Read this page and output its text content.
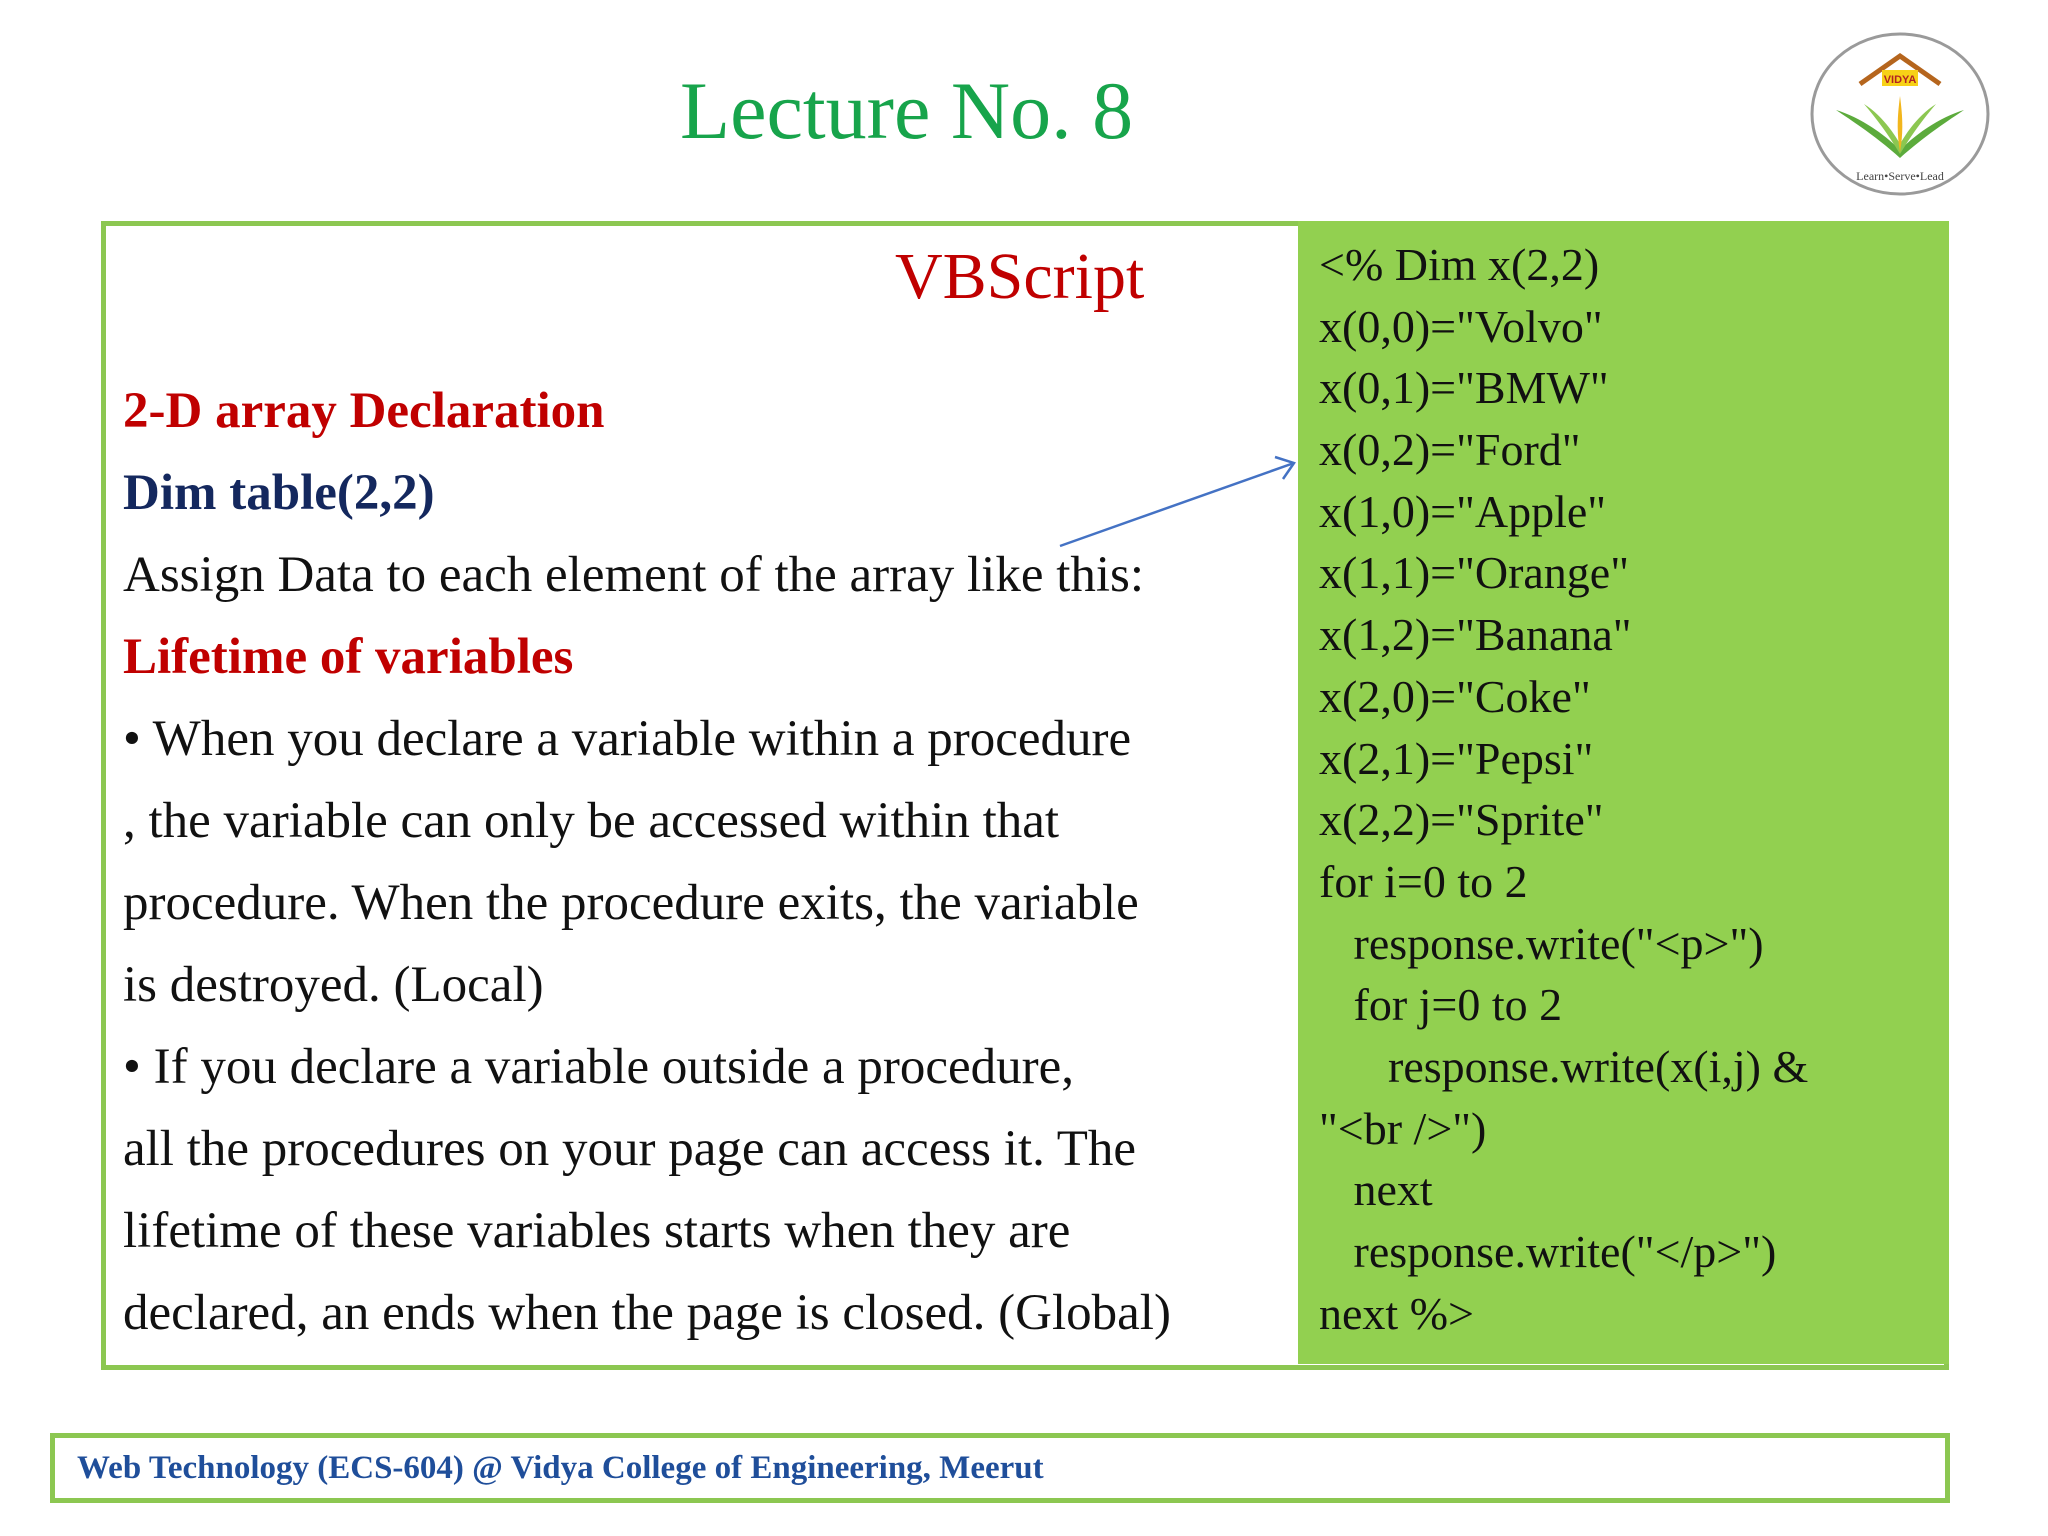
Lecture No. 8	VIDYA
Learn•Serve•Lead
VBScript
2-D array Declaration
Dim table(2,2)
Assign Data to each element of the array like this:
Lifetime of variables
• When you declare a variable within a procedure
, the variable can only be accessed within that
procedure. When the procedure exits, the variable
is destroyed. (Local)
• If you declare a variable outside a procedure,
all the procedures on your page can access it. The
lifetime of these variables starts when they are
declared, an ends when the page is closed. (Global)
<% Dim x(2,2)
x(0,0)="Volvo"
x(0,1)="BMW"
x(0,2)="Ford"
x(1,0)="Apple"
x(1,1)="Orange"
x(1,2)="Banana"
x(2,0)="Coke"
x(2,1)="Pepsi"
x(2,2)="Sprite"
for i=0 to 2
response.write("<p>")
for j=0 to 2
response.write(x(i,j) &
"<br />")
next
response.write("</p>")
next %>
Web Technology (ECS-604) @ Vidya College of Engineering, Meerut
